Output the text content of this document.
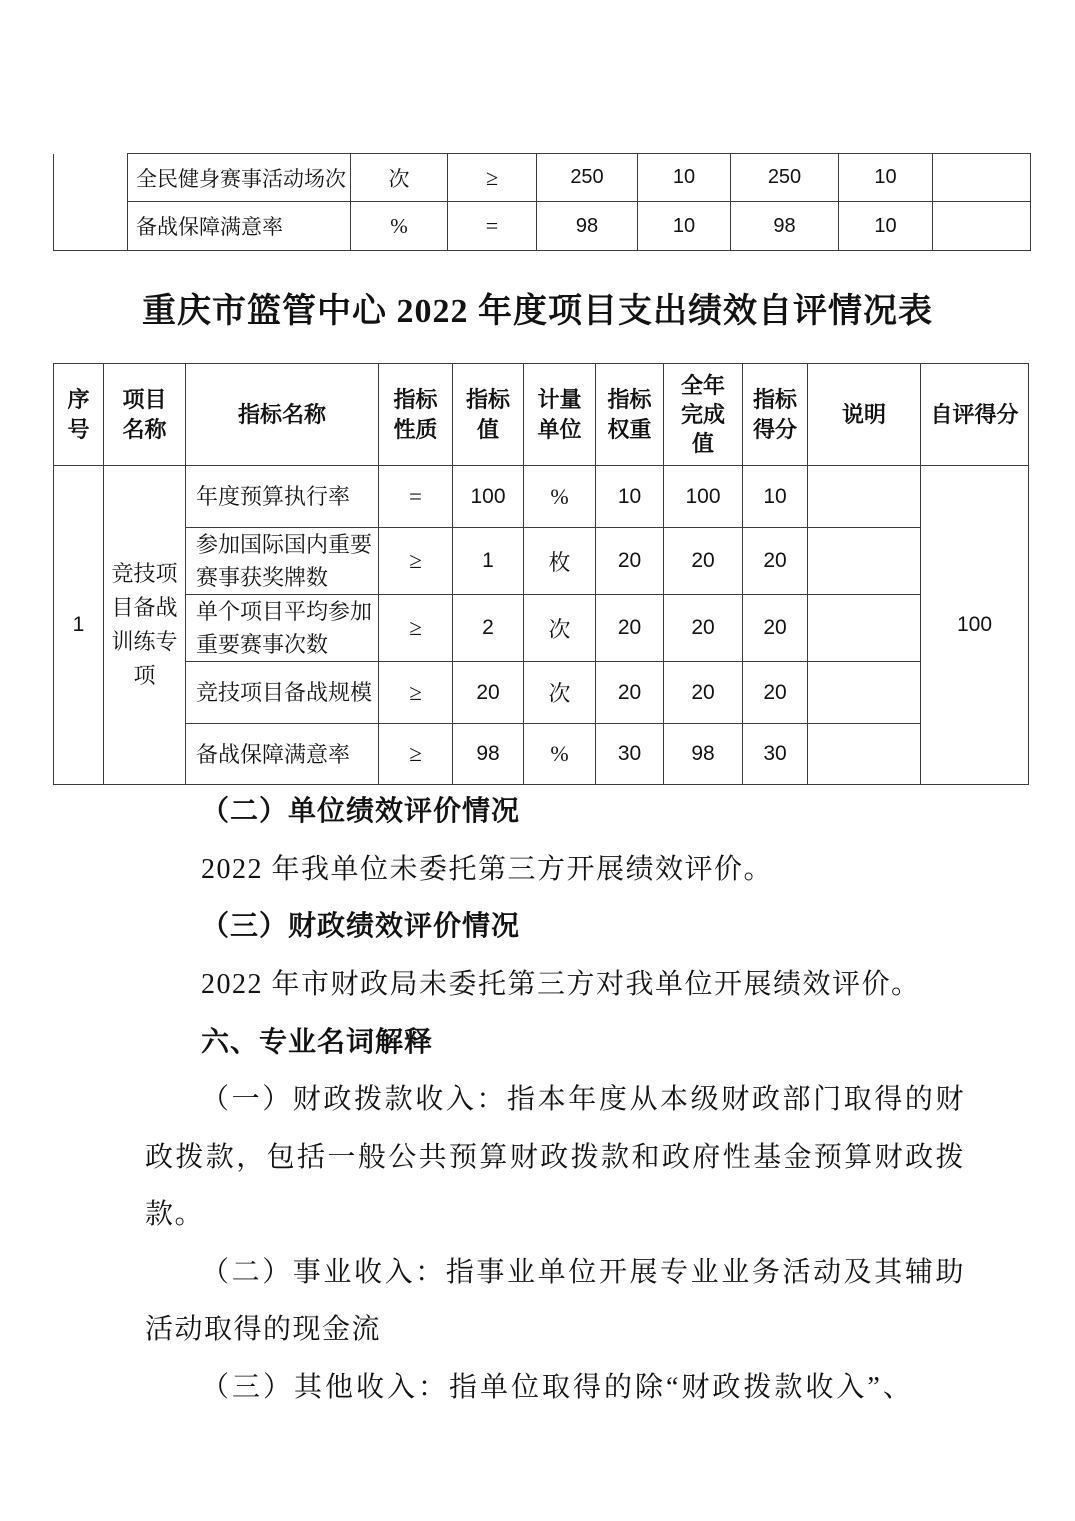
	全民健身赛事活动场次	次	≥	250	10	250	10	
	备战保障满意率	%	=	98	10	98	10	
重庆市篮管中心 2022 年度项目支出绩效自评情况表
序号	项目名称	指标名称	指标性质	指标值	计量单位	指标权重	全年完成值	指标得分	说明	自评得分
1	竞技项目备战训练专项	年度预算执行率	=	100	%	10	100	10		100
		参加国际国内重要赛事获奖牌数	≥	1	枚	20	20	20		
		单个项目平均参加重要赛事次数	≥	2	次	20	20	20		
		竞技项目备战规模	≥	20	次	20	20	20		
		备战保障满意率	≥	98	%	30	98	30		

（二）单位绩效评价情况

2022 年我单位未委托第三方开展绩效评价。

（三）财政绩效评价情况

2022 年市财政局未委托第三方对我单位开展绩效评价。

六、专业名词解释

（一）财政拨款收入：指本年度从本级财政部门取得的财政拨款，包括一般公共预算财政拨款和政府性基金预算财政拨款。

（二）事业收入：指事业单位开展专业业务活动及其辅助活动取得的现金流

（三）其他收入：指单位取得的除“财政拨款收入”、
